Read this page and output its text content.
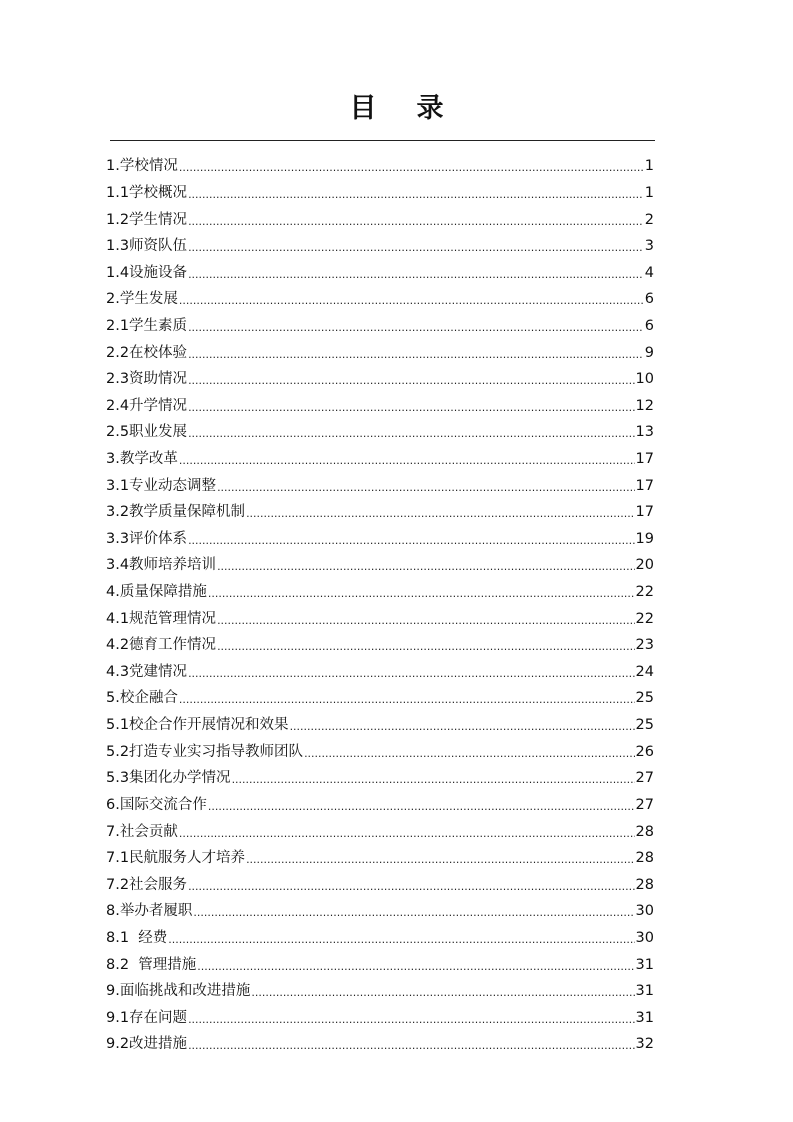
目 录
1.学校情况 .....	1
1.1学校概况 .....	1
1.2学生情况 .....	2
1.3师资队伍 .....	3
1.4设施设备 .....	4
2.学生发展 .....	6
2.1学生素质 .....	6
2.2在校体验 .....	9
2.3资助情况 .....	10
2.4升学情况 .....	12
2.5职业发展 .....	13
3.教学改革 .....	17
3.1专业动态调整 .....	17
3.2教学质量保障机制 .....	17
3.3评价体系 .....	19
3.4教师培养培训 .....	20
4.质量保障措施 .....	22
4.1规范管理情况 .....	22
4.2德育工作情况 .....	23
4.3党建情况 .....	24
5.校企融合 .....	25
5.1校企合作开展情况和效果 .....	25
5.2打造专业实习指导教师团队 .....	26
5.3集团化办学情况 .....	27
6.国际交流合作 .....	27
7.社会贡献 .....	28
7.1民航服务人才培养 .....	28
7.2社会服务 .....	28
8.举办者履职 .....	30
8.1  经费 .....	30
8.2  管理措施 .....	31
9.面临挑战和改进措施 .....	31
9.1存在问题 .....	31
9.2改进措施 .....	32
